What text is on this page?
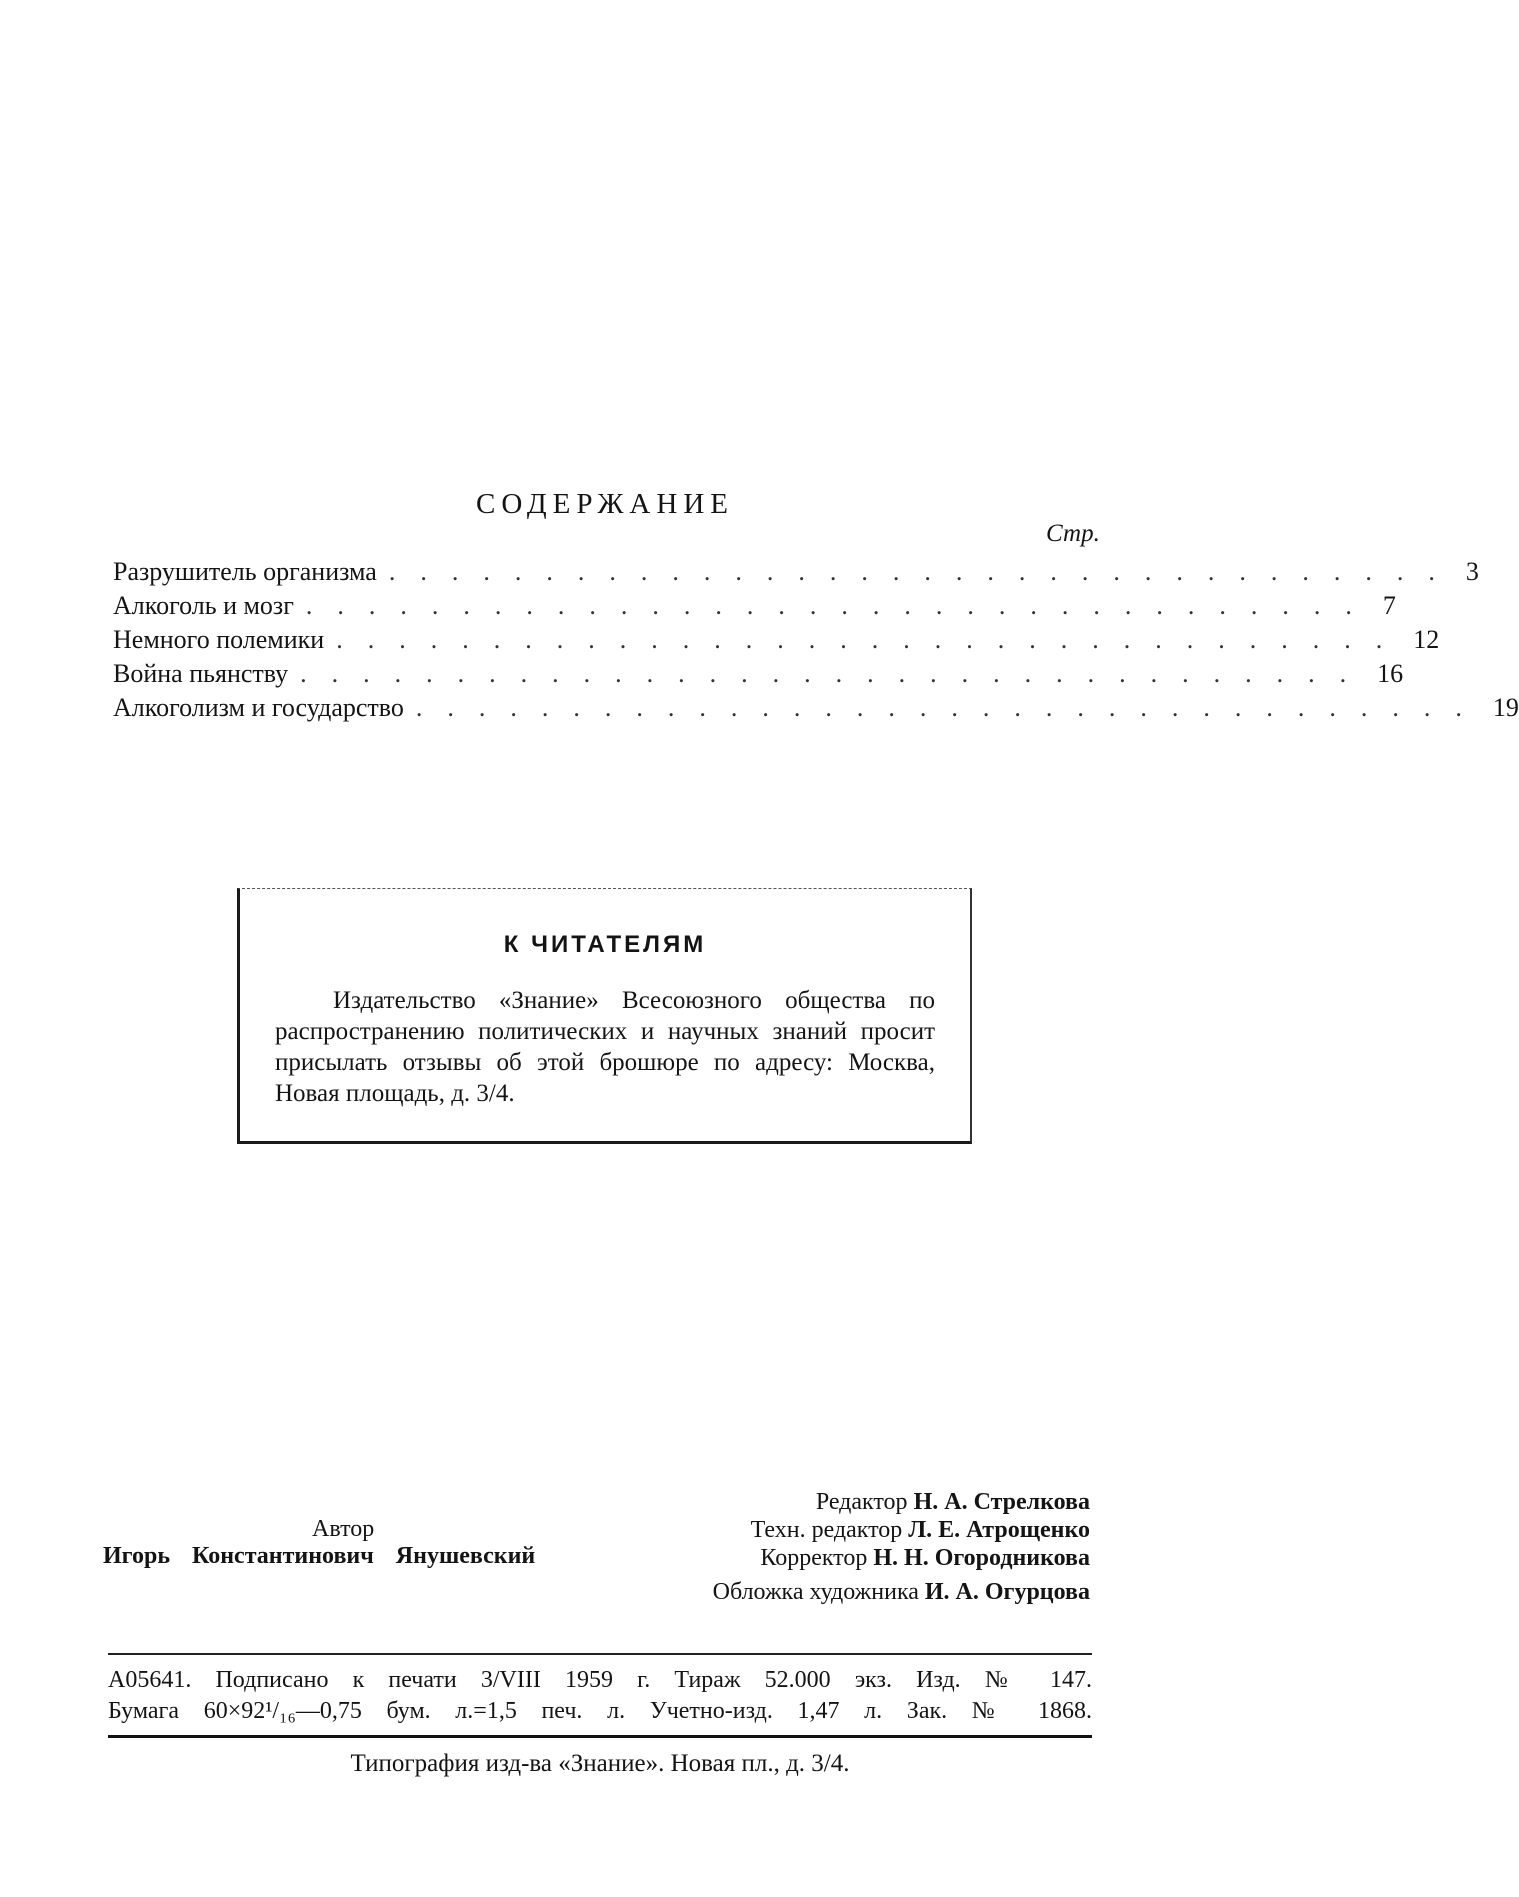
СОДЕРЖАНИЕ
Стр.
Разрушитель организма .................................. 3
Алкоголь и мозг .................................. 7
Немного полемики .................................. 12
Война пьянству .................................. 16
Алкоголизм и государство .................................. 19
К ЧИТАТЕЛЯМ
Издательство «Знание» Всесоюзного общества по распространению политических и научных знаний просит присылать отзывы об этой брошюре по адресу: Москва, Новая площадь, д. 3/4.
Автор
Игорь Константинович Янушевский
Редактор Н. А. Стрелкова
Техн. редактор Л. Е. Атрощенко
Корректор Н. Н. Огородникова
Обложка художника И. А. Огурцова
А05641. Подписано к печати 3/VIII 1959 г. Тираж 52.000 экз. Изд. № 147.
Бумага 60×92¹/₁₆—0,75 бум. л.=1,5 печ. л. Учетно-изд. 1,47 л. Зак. № 1868.
Типография изд-ва «Знание». Новая пл., д. 3/4.
